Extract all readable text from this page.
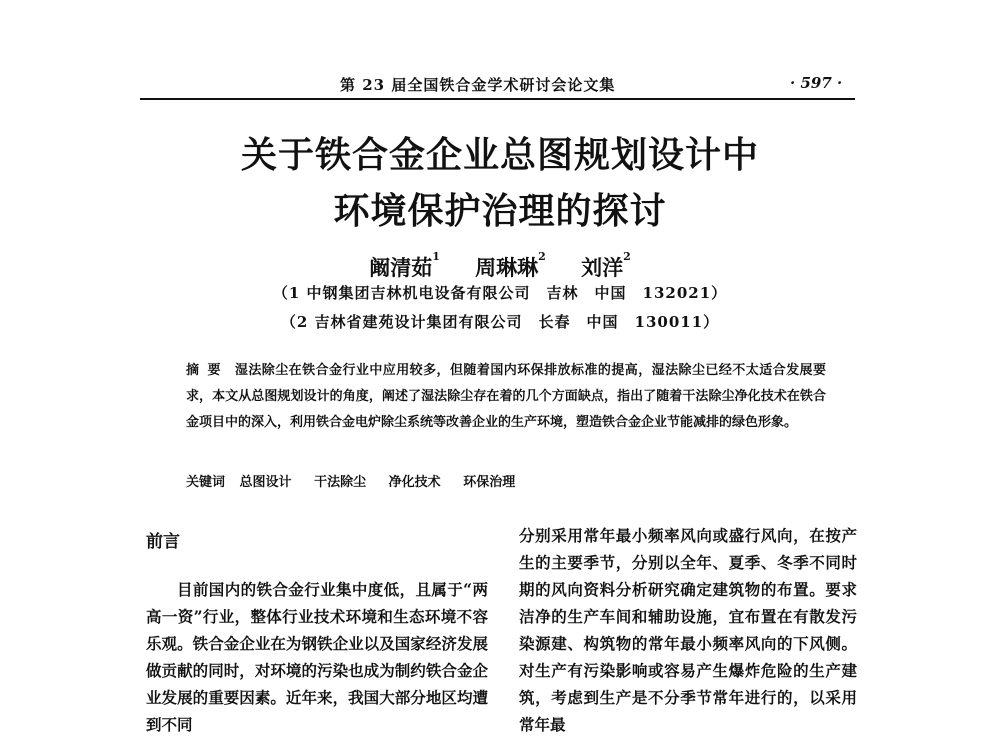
第 23 届全国铁合金学术研讨会论文集	· 597 ·
关于铁合金企业总图规划设计中
环境保护治理的探讨
阚清茹$^1$ 周琳琳$^2$ 刘洋$^2$
（1 中钢集团吉林机电设备有限公司　吉林　中国　132021）
（2 吉林省建苑设计集团有限公司　长春　中国　130011）
摘要 湿法除尘在铁合金行业中应用较多，但随着国内环保排放标准的提高，湿法除尘已经不太适合发展要求，本文从总图规划设计的角度，阐述了湿法除尘存在着的几个方面缺点，指出了随着干法除尘净化技术在铁合金项目中的深入，利用铁合金电炉除尘系统等改善企业的生产环境，塑造铁合金企业节能减排的绿色形象。
关键词 总图设计 干法除尘 净化技术 环保治理
前言

目前国内的铁合金行业集中度低，且属于“两高一资”行业，整体行业技术环境和生态环境不容乐观。铁合金企业在为钢铁企业以及国家经济发展做贡献的同时，对环境的污染也成为制约铁合金企业发展的重要因素。近年来，我国大部分地区均遭到不同

分别采用常年最小频率风向或盛行风向，在按产生的主要季节，分别以全年、夏季、冬季不同时期的风向资料分析研究确定建筑物的布置。要求洁净的生产车间和辅助设施，宜布置在有散发污染源建、构筑物的常年最小频率风向的下风侧。对生产有污染影响或容易产生爆炸危险的生产建筑，考虑到生产是不分季节常年进行的，以采用常年最
